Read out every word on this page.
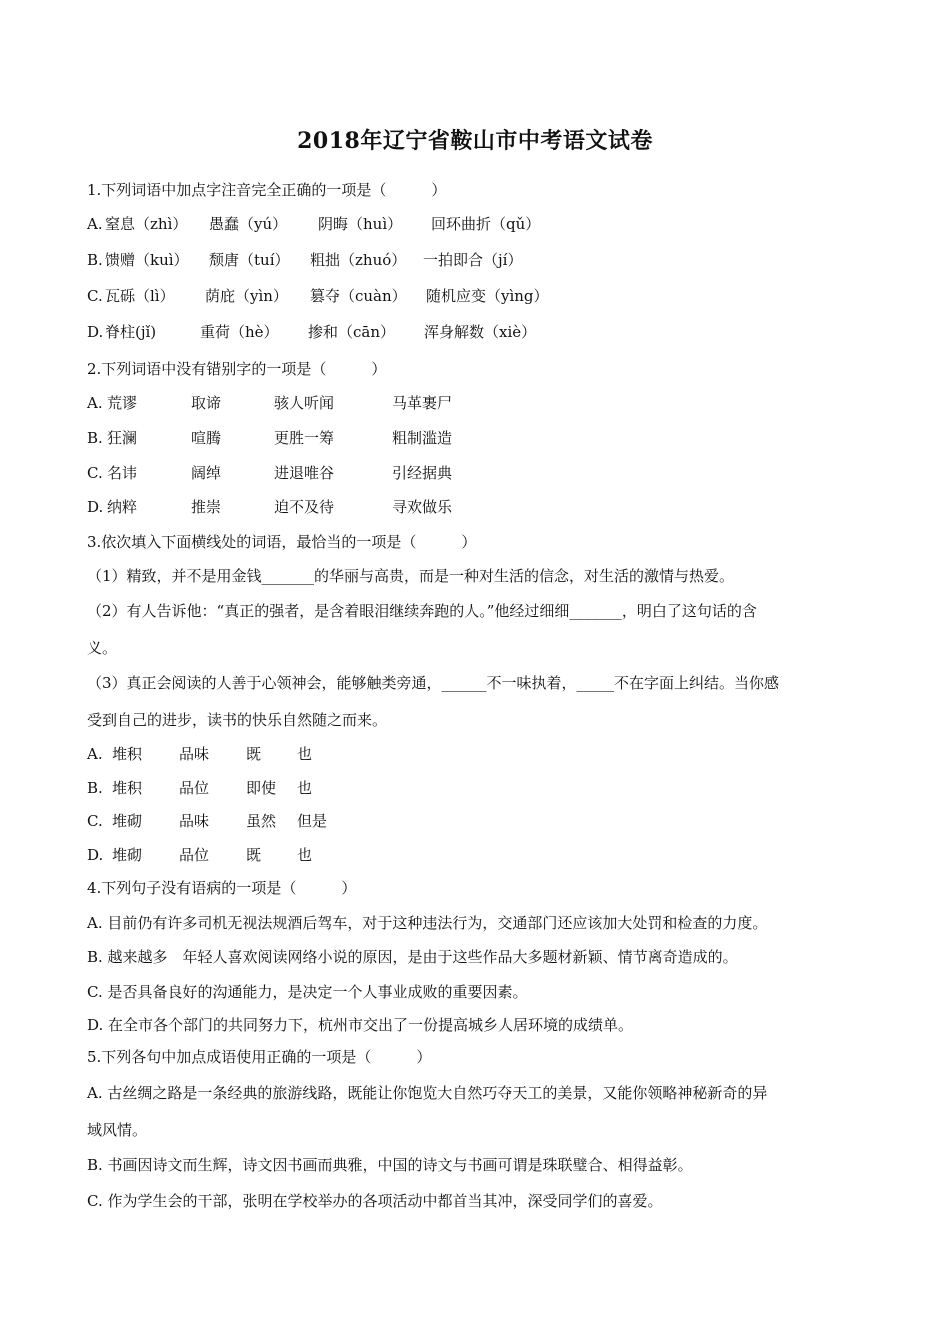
2018年辽宁省鞍山市中考语文试卷
1.下列词语中加点字注音完全正确的一项是（　　　）
A. 窒息（zhì） 愚蠢（yú） 阴晦（huì） 回环曲折（qǔ）
B. 馈赠（kuì） 颓唐（tuí） 粗拙（zhuó） 一拍即合（jí）
C. 瓦砾（lì） 荫庇（yìn） 篡夺（cuàn） 随机应变（yìng）
D. 脊柱(jǐ)	重荷（hè） 掺和（cān） 浑身解数（xiè）
2.下列词语中没有错别字的一项是（　　　）
A. 荒谬	取谛	骇人听闻	马革裹尸
B. 狂澜	喧腾	更胜一筹	粗制滥造
C. 名讳	阔绰	进退唯谷	引经据典
D. 纳粹	推崇	迫不及待	寻欢做乐
3.依次填入下面横线处的词语，最恰当的一项是（　　　）
（1）精致，并不是用金钱_______的华丽与高贵，而是一种对生活的信念，对生活的激情与热爱。
（2）有人告诉他：“真正的强者，是含着眼泪继续奔跑的人。”他经过细细_______，明白了这句话的含
义。
（3）真正会阅读的人善于心领神会，能够触类旁通，______不一味执着，_____不在字面上纠结。当你感
受到自己的进步，读书的快乐自然随之而来。
A. 堆积 品味 既 也
B. 堆积 品位 即使 也
C. 堆砌 品味 虽然 但是
D. 堆砌 品位 既 也
4.下列句子没有语病的一项是（　　　）
A. 目前仍有许多司机无视法规酒后驾车，对于这种违法行为，交通部门还应该加大处罚和检查的力度。
B. 越来越多　年轻人喜欢阅读网络小说的原因，是由于这些作品大多题材新颖、情节离奇造成的。
C. 是否具备良好的沟通能力，是决定一个人事业成败的重要因素。
D. 在全市各个部门的共同努力下，杭州市交出了一份提高城乡人居环境的成绩单。
5.下列各句中加点成语使用正确的一项是（　　　）
A. 古丝绸之路是一条经典的旅游线路，既能让你饱览大自然巧夺天工的美景，又能你领略神秘新奇的异
域风情。
B. 书画因诗文而生辉，诗文因书画而典雅，中国的诗文与书画可谓是珠联璧合、相得益彰。
C. 作为学生会的干部，张明在学校举办的各项活动中都首当其冲，深受同学们的喜爱。
